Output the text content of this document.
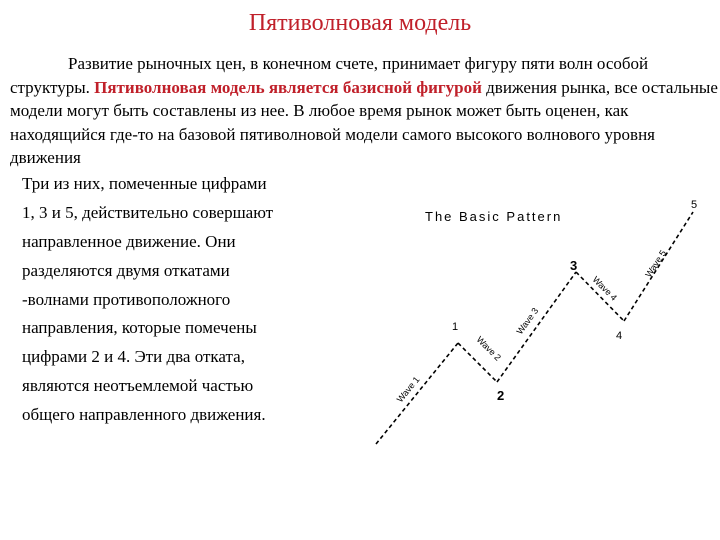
Пятиволновая модель

Развитие рыночных цен, в конечном счете, принимает фигуру пяти волн особой структуры. Пятиволновая модель является базисной фигурой движения рынка, все остальные модели могут быть составлены из нее. В любое время рынок может быть оценен, как находящийся где-то на базовой пятиволновой модели самого высокого волнового уровня движения

Три из них, помеченные цифрами
1, 3 и 5, действительно совершают
направленное движение. Они
разделяются двумя откатами
-волнами противоположного
направления, которые помечены
цифрами 2 и 4. Эти два отката,
являются неотъемлемой частью
общего направленного движения.
The Basic Pattern
1
2
3
4
5
Wave 1
Wave 2
Wave 3
Wave 4
Wave 5
